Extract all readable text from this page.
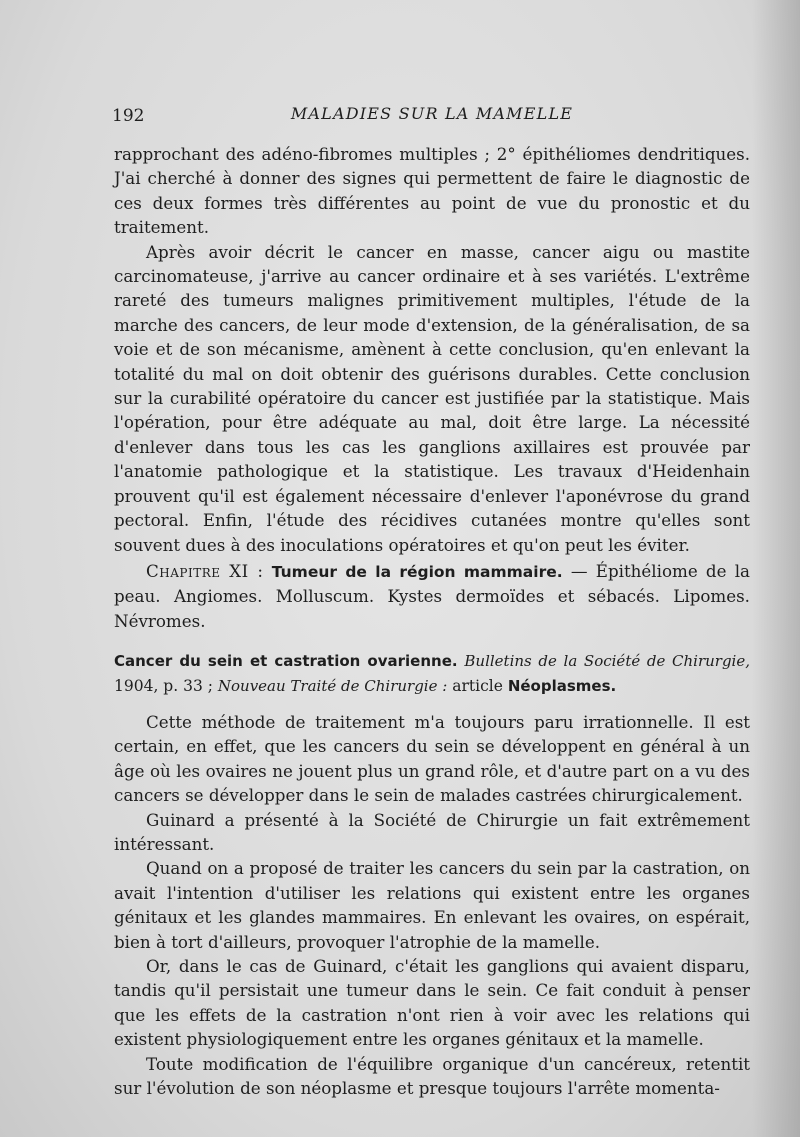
192	MALADIES SUR LA MAMELLE

rapprochant des adéno-fibromes multiples ; 2° épithéliomes dendritiques. J'ai cherché à donner des signes qui permettent de faire le diagnostic de ces deux formes très différentes au point de vue du pronostic et du traitement.

Après avoir décrit le cancer en masse, cancer aigu ou mastite carcinomateuse, j'arrive au cancer ordinaire et à ses variétés. L'extrême rareté des tumeurs malignes primitivement multiples, l'étude de la marche des cancers, de leur mode d'extension, de la généralisation, de sa voie et de son mécanisme, amènent à cette conclusion, qu'en enlevant la totalité du mal on doit obtenir des guérisons durables. Cette conclusion sur la curabilité opératoire du cancer est justifiée par la statistique. Mais l'opération, pour être adéquate au mal, doit être large. La nécessité d'enlever dans tous les cas les ganglions axillaires est prouvée par l'anatomie pathologique et la statistique. Les travaux d'Heidenhain prouvent qu'il est également nécessaire d'enlever l'aponévrose du grand pectoral. Enfin, l'étude des récidives cutanées montre qu'elles sont souvent dues à des inoculations opératoires et qu'on peut les éviter.

Chapitre XI : Tumeur de la région mammaire. — Épithéliome de la peau. Angiomes. Molluscum. Kystes dermoïdes et sébacés. Lipomes. Névromes.

Cancer du sein et castration ovarienne. Bulletins de la Société de Chirurgie, 1904, p. 33 ; Nouveau Traité de Chirurgie : article Néoplasmes.

Cette méthode de traitement m'a toujours paru irrationnelle. Il est certain, en effet, que les cancers du sein se développent en général à un âge où les ovaires ne jouent plus un grand rôle, et d'autre part on a vu des cancers se développer dans le sein de malades castrées chirurgicalement.

Guinard a présenté à la Société de Chirurgie un fait extrêmement intéressant.

Quand on a proposé de traiter les cancers du sein par la castration, on avait l'intention d'utiliser les relations qui existent entre les organes génitaux et les glandes mammaires. En enlevant les ovaires, on espérait, bien à tort d'ailleurs, provoquer l'atrophie de la mamelle.

Or, dans le cas de Guinard, c'était les ganglions qui avaient disparu, tandis qu'il persistait une tumeur dans le sein. Ce fait conduit à penser que les effets de la castration n'ont rien à voir avec les relations qui existent physiologiquement entre les organes génitaux et la mamelle.

Toute modification de l'équilibre organique d'un cancéreux, retentit sur l'évolution de son néoplasme et presque toujours l'arrête momenta-
